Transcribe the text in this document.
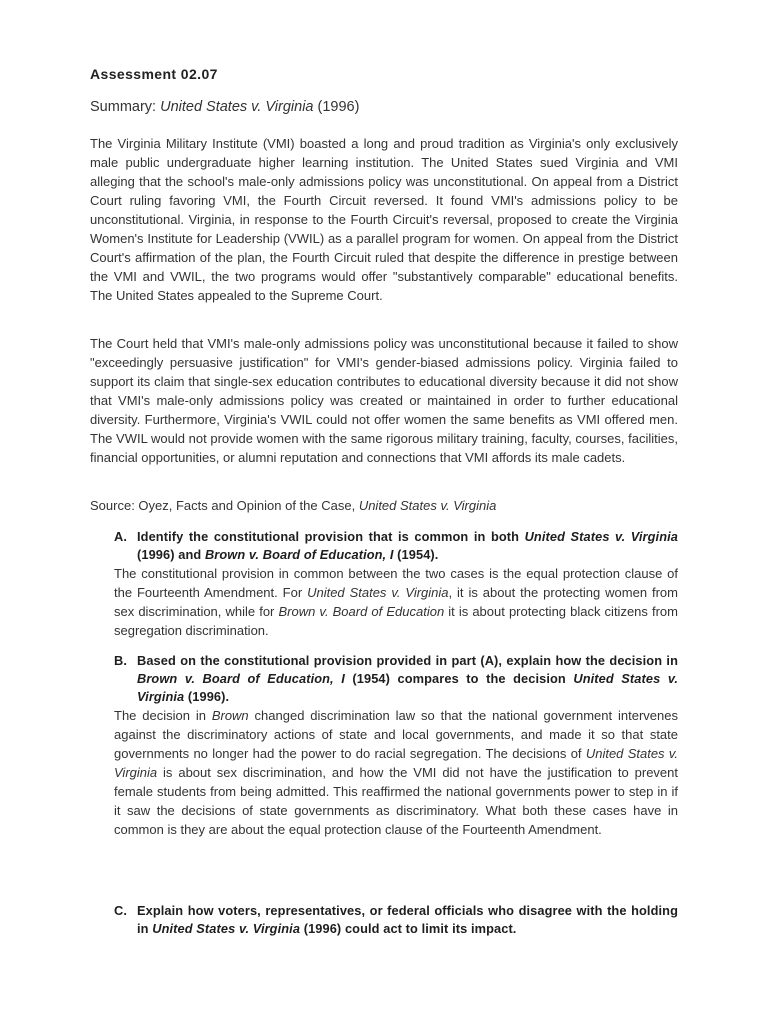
Assessment 02.07
Summary: United States v. Virginia (1996)

The Virginia Military Institute (VMI) boasted a long and proud tradition as Virginia's only exclusively male public undergraduate higher learning institution. The United States sued Virginia and VMI alleging that the school's male-only admissions policy was unconstitutional. On appeal from a District Court ruling favoring VMI, the Fourth Circuit reversed. It found VMI's admissions policy to be unconstitutional. Virginia, in response to the Fourth Circuit's reversal, proposed to create the Virginia Women's Institute for Leadership (VWIL) as a parallel program for women. On appeal from the District Court's affirmation of the plan, the Fourth Circuit ruled that despite the difference in prestige between the VMI and VWIL, the two programs would offer "substantively comparable" educational benefits. The United States appealed to the Supreme Court.

The Court held that VMI's male-only admissions policy was unconstitutional because it failed to show "exceedingly persuasive justification" for VMI's gender-biased admissions policy. Virginia failed to support its claim that single-sex education contributes to educational diversity because it did not show that VMI's male-only admissions policy was created or maintained in order to further educational diversity. Furthermore, Virginia's VWIL could not offer women the same benefits as VMI offered men. The VWIL would not provide women with the same rigorous military training, faculty, courses, facilities, financial opportunities, or alumni reputation and connections that VMI affords its male cadets.

Source: Oyez, Facts and Opinion of the Case, United States v. Virginia
A. Identify the constitutional provision that is common in both United States v. Virginia (1996) and Brown v. Board of Education, I (1954).
The constitutional provision in common between the two cases is the equal protection clause of the Fourteenth Amendment. For United States v. Virginia, it is about the protecting women from sex discrimination, while for Brown v. Board of Education it is about protecting black citizens from segregation discrimination.
B. Based on the constitutional provision provided in part (A), explain how the decision in Brown v. Board of Education, I (1954) compares to the decision United States v. Virginia (1996).
The decision in Brown changed discrimination law so that the national government intervenes against the discriminatory actions of state and local governments, and made it so that state governments no longer had the power to do racial segregation. The decisions of United States v. Virginia is about sex discrimination, and how the VMI did not have the justification to prevent female students from being admitted. This reaffirmed the national governments power to step in if it saw the decisions of state governments as discriminatory. What both these cases have in common is they are about the equal protection clause of the Fourteenth Amendment.
C. Explain how voters, representatives, or federal officials who disagree with the holding in United States v. Virginia (1996) could act to limit its impact.
